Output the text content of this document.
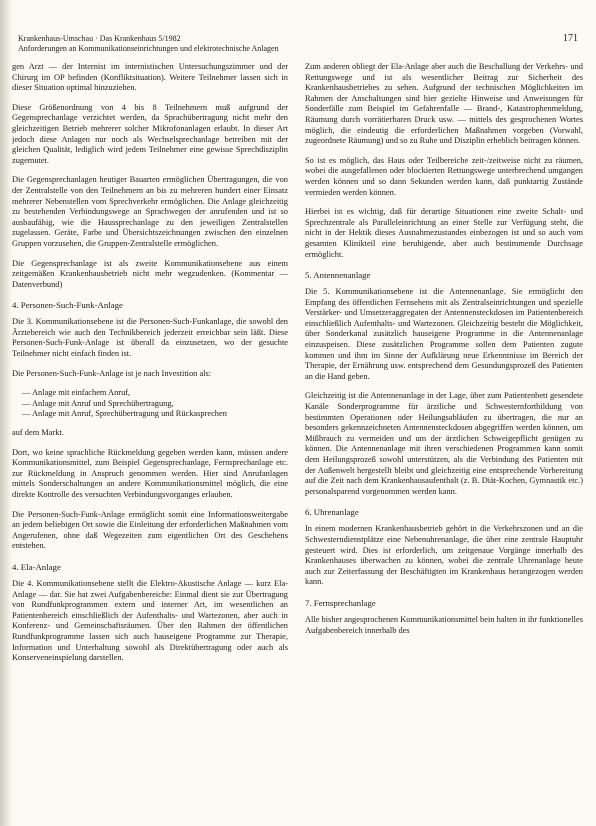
Krankenhaus-Umschau · Das Krankenhaus 5/1982	171
Anforderungen an Kommunikationseinrichtungen und elektrotechnische Anlagen

gen Arzt — der Internist im internistischen Untersuchungszimmer und der Chirurg im OP befinden (Konfliktsituation). Weitere Teilnehmer lassen sich in dieser Situation optimal hinzuziehen.

Diese Größenordnung von 4 bis 8 Teilnehmern muß aufgrund der Gegensprechanlage verzichtet werden, da Sprachübertragung nicht mehr den gleichzeitigen Betrieb mehrerer solcher Mikrofonanlagen erlaubt. In dieser Art jedoch diese Anlagen nur noch als Wechselsprechanlage betreiben mit der gleichen Qualität, lediglich wird jedem Teilnehmer eine gewisse Sprechdisziplin zugemutet.

Die Gegensprechanlagen heutiger Bauarten ermöglichen Übertragungen, die von der Zentralstelle von den Teilnehmern an bis zu mehreren hundert einer Einsatz mehrerer Nebenstellen vom Sprechverkehr ermöglichen. Die Anlage gleichzeitig zu bestehenden Verbindungswege an Sprachwegen der anrufenden und ist so ausbaufähig, wie die Haussprechanlage zu den jeweiligen Zentralstellen zugelassen. Geräte, Farbe und Übersichtszeichnungen zwischen den einzelnen Gruppen vorzusehen, die Gruppen-Zentralstelle ermöglichen.

Die Gegensprechanlage ist als zweite Kommunikationsebene aus einem zeitgemäßen Krankenhausbetrieb nicht mehr wegzudenken. (Kommentar — Datenverbund)

4. Personen-Such-Funk-Anlage

Die 3. Kommunikationsebene ist die Personen-Such-Funkanlage, die sowohl den Ärztebereich wie auch den Technikbereich jederzeit erreichbar sein läßt. Diese Personen-Such-Funk-Anlage ist überall da einzusetzen, wo der gesuchte Teilnehmer nicht einfach finden ist.

Die Personen-Such-Funk-Anlage ist je nach Investition als:

— Anlage mit einfachem Anruf,
— Anlage mit Anruf und Sprechübertragung,
— Anlage mit Anruf, Sprechübertragung und Rückasprechen

auf dem Markt.

Dort, wo keine sprachliche Rückmeldung gegeben werden kann, müssen andere Kommunikationsmittel, zum Beispiel Gegensprechanlage, Fernsprechanlage etc. zur Rückmeldung in Anspruch genommen werden. Hier sind Anrufanlagen mittels Sonderschaltungen an andere Kommunikationsmittel möglich, die eine direkte Kontrolle des versuchten Verbindungsvorganges erlauben.

Die Personen-Such-Funk-Anlage ermöglicht somit eine Informationsweitergabe an jedem beliebigen Ort sowie die Einleitung der erforderlichen Maßnahmen vom Angerufenen, ohne daß Wegezeiten zum eigentlichen Ort des Geschehens entstehen.

4. Ela-Anlage

Die 4. Kommunikationsebene stellt die Elektro-Akustische Anlage — kurz Ela-Anlage — dar. Sie hat zwei Aufgabenbereiche: Einmal dient sie zur Übertragung von Rundfunkprogrammen extern und interner Art, im wesentlichen an Patientenbereich einschließlich der Aufenthalts- und Wartezonen, aber auch in Konferenz- und Gemeinschaftsräumen. Über den Rahmen der öffentlichen Rundfunkprogramme lassen sich auch hauseigene Programme zur Therapie, Information und Unterhaltung sowohl als Direktübertragung oder auch als Konserveneinspielung darstellen.

Zum anderen obliegt der Ela-Anlage aber auch die Beschallung der Verkehrs- und Rettungswege und ist als wesentlicher Beitrag zur Sicherheit des Krankenhausbetriebes zu sehen. Aufgrund der technischen Möglichkeiten im Rahmen der Anschaltungen sind hier gezielte Hinweise und Anweisungen für Sonderfälle zum Beispiel im Gefahrenfalle — Brand-, Katastrophenmeldung, Räumung durch vorrätierbaren Druck usw. — mittels des gesprochenen Wortes möglich, die eindeutig die erforderlichen Maßnahmen vorgeben (Vorwahl, zugeordnete Räumung) und so zu Ruhe und Disziplin erheblich beitragen können.

So ist es möglich, das Haus oder Teilbereiche zeit-/zeitweise nicht zu räumen, wobei die ausgefallenen oder blockierten Rettungswege unterbrechend umgangen werden können und so dann Sekunden werden kann, daß punktartig Zustände vermieden werden können.

Hierbei ist es wichtig, daß für derartige Situationen eine zweite Schalt- und Sprechzentrale als Paralleleinrichtung an einer Stelle zur Verfügung steht, die nicht in der Hektik dieses Ausnahmezustandes einbezogen ist und so auch vom gesamten Klinikteil eine beruhigende, aber auch bestimmende Durchsage ermöglicht.

5. Antennenanlage

Die 5. Kommunikationsebene ist die Antennenanlage. Sie ermöglicht den Empfang des öffentlichen Fernsehens mit als Zentralseinrichtungen und spezielle Verstärker- und Umsetzeraggregaten der Antennensteckdosen im Patientenbereich einschließlich Aufenthalts- und Wartezonen. Gleichzeitig besteht die Möglichkeit, über Sonderkanal zusätzlich hauseigene Programme in die Antennenanlage einzuspeisen. Diese zusätzlichen Programme sollen dem Patienten zugute kommen und ihm im Sinne der Aufklärung neue Erkenntnisse im Bereich der Therapie, der Ernährung usw. entsprechend dem Gesundungsprozeß des Patienten an die Hand geben.

Gleichzeitig ist die Antennenanlage in der Lage, über zum Patientenbett gesendete Kanäle Sonderprogramme für ärztliche und Schwesternfortbildung von bestimmten Operationen oder Heilungsabläufen zu übertragen, die nur an besonders gekennzeichneten Antennensteckdosen abgegriffen werden können, um Mißbrauch zu vermeiden und um der ärztlichen Schweigepflicht genügen zu können. Die Antennenanlage mit ihren verschiedenen Programmen kann somit dem Heilungsprozeß sowohl unterstützen, als die Verbindung des Patienten mit der Außenwelt hergestellt bleibt und gleichzeitig eine entsprechende Vorbereitung auf die Zeit nach dem Krankenhausaufenthalt (z. B. Diät-Kochen, Gymnastik etc.) personalsparend vorgenommen werden kann.

6. Uhrenanlage

In einem modernen Krankenhausbetrieb gehört in die Verkehrszonen und an die Schwesterndienstplätze eine Nebenuhrenanlage, die über eine zentrale Hauptuhr gesteuert wird. Dies ist erforderlich, um zeitgenaue Vorgänge innerhalb des Krankenhauses überwachen zu können, wobei die zentrale Uhrenanlage heute auch zur Zeiterfassung der Beschäftigten im Krankenhaus herangezogen werden kann.

7. Fernsprechanlage

Alle bisher angesprochenen Kommunikationsmittel bein halten in ihr funktionelles Aufgabenbereich innerhalb des
